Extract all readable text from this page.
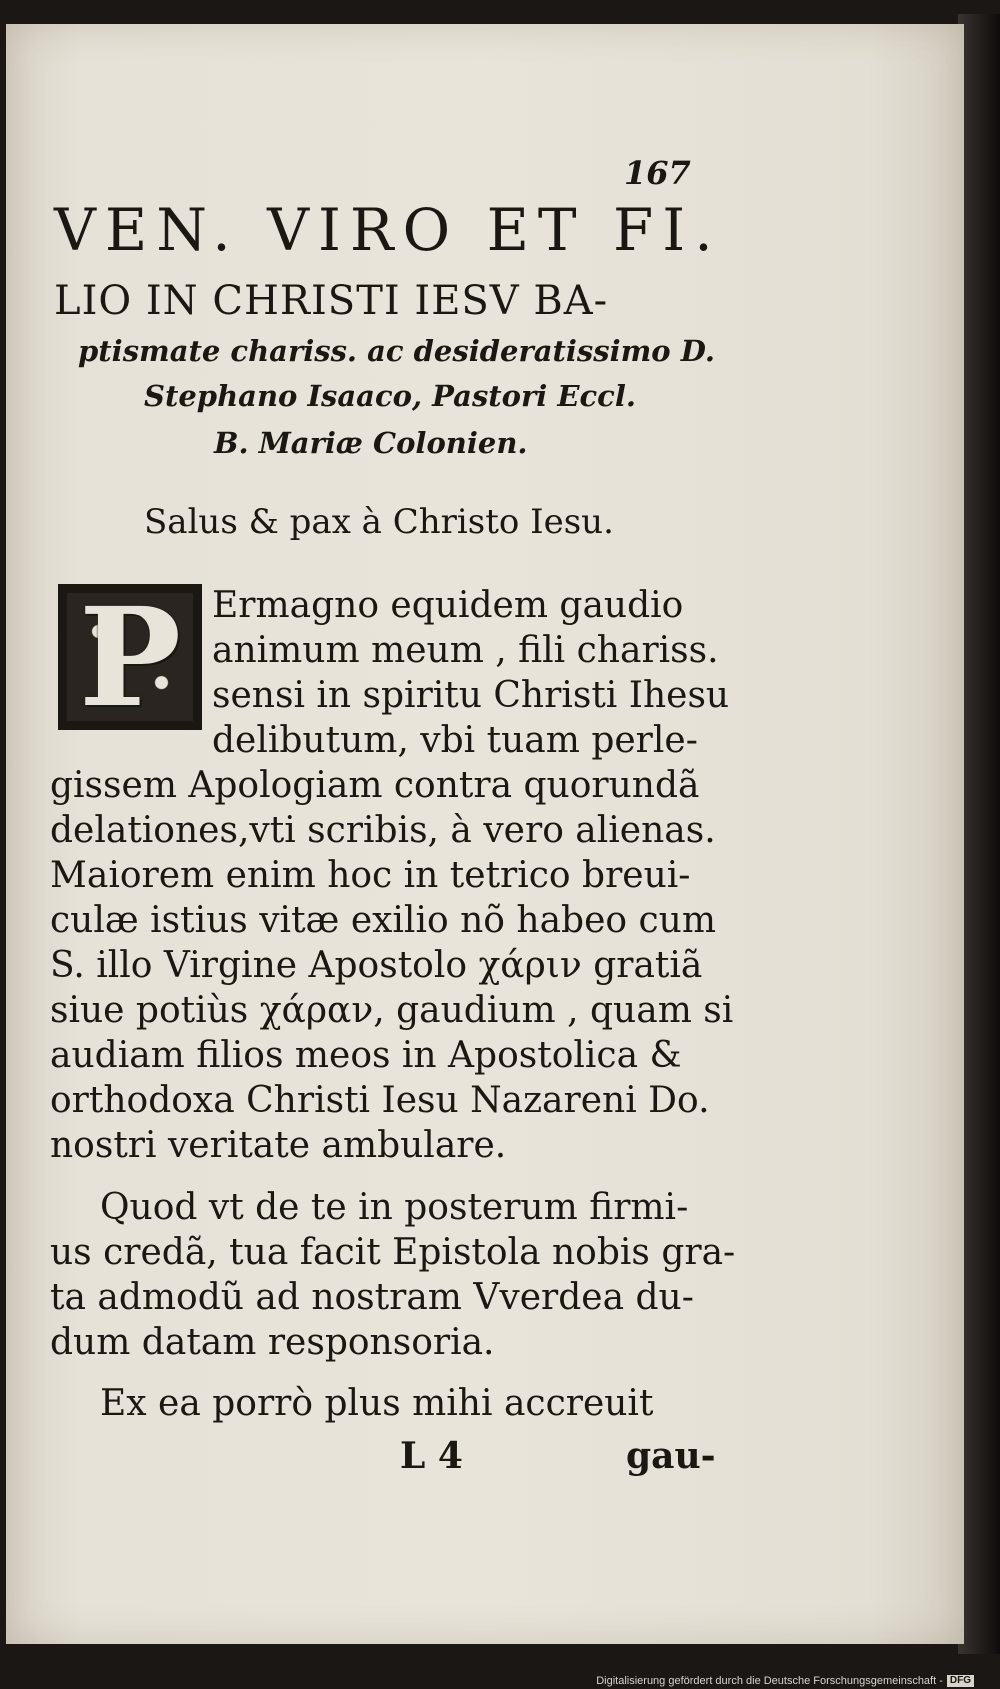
167
VEN. VIRO ET FI.
LIO IN CHRISTI IESV BA-
ptismate chariss. ac desideratissimo D.
Stephano Isaaco, Pastori Eccl.
B. Mariæ Colonien.
Salus & pax à Christo Iesu.
P Ermagno equidem gaudio
animum meum , fili chariss.
sensi in spiritu Christi Ihesu
delibutum, vbi tuam perle-
gissem Apologiam contra quorundã
delationes,vti scribis, à vero alienas.
Maiorem enim hoc in tetrico breui-
culæ istius vitæ exilio nõ habeo cum
S. illo Virgine Apostolo χάριν gratiã
siue potiùs χάραν, gaudium , quam si
audiam filios meos in Apostolica &
orthodoxa Christi Iesu Nazareni Do.
nostri veritate ambulare.
Quod vt de te in posterum firmi-
us credã, tua facit Epistola nobis gra-
ta admodũ ad nostram Vverdea du-
dum datam responsoria.
Ex ea porrò plus mihi accreuit
L 4	gau-
Digitalisierung gefördert durch die Deutsche Forschungsgemeinschaft - DFG
